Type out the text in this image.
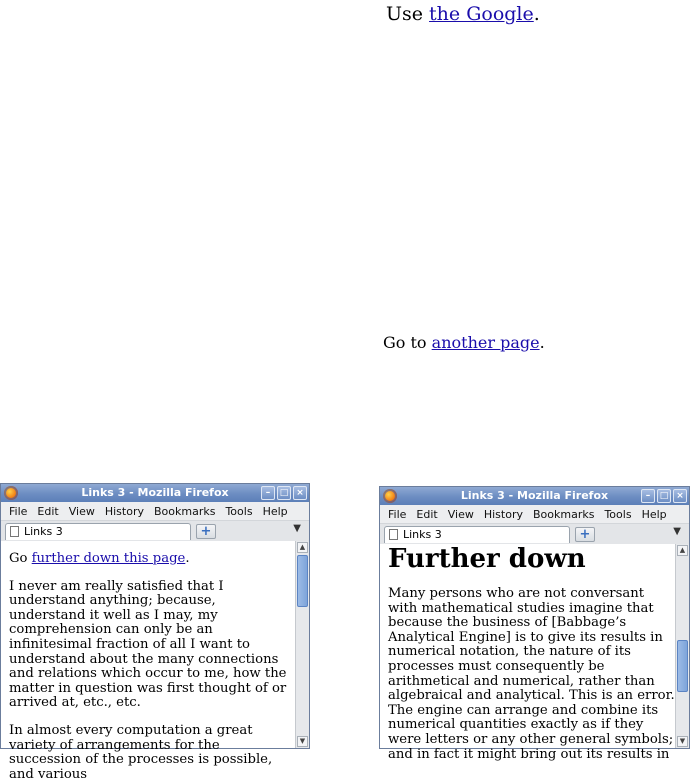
Use the Google.
Go to another page.
Links 3 - Mozilla Firefox	–	□ ×
File Edit View History Bookmarks Tools Help
Links 3	+	▼

Go further down this page.

I never am really satisfied that I understand anything; because, understand it well as I may, my comprehension can only be an infinitesimal fraction of all I want to understand about the many connections and relations which occur to me, how the matter in question was first thought of or arrived at, etc., etc.

In almost every computation a great variety of arrangements for the succession of the processes is possible, and various

▲
▼
Links 3 - Mozilla Firefox	–	□ ×
File Edit View History Bookmarks Tools Help
Links 3	+	▼
Further down

Many persons who are not conversant with mathematical studies imagine that because the business of [Babbage’s Analytical Engine] is to give its results in numerical notation, the nature of its processes must consequently be arithmetical and numerical, rather than algebraical and analytical. This is an error. The engine can arrange and combine its numerical quantities exactly as if they were letters or any other general symbols; and in fact it might bring out its results in

▲
▼
